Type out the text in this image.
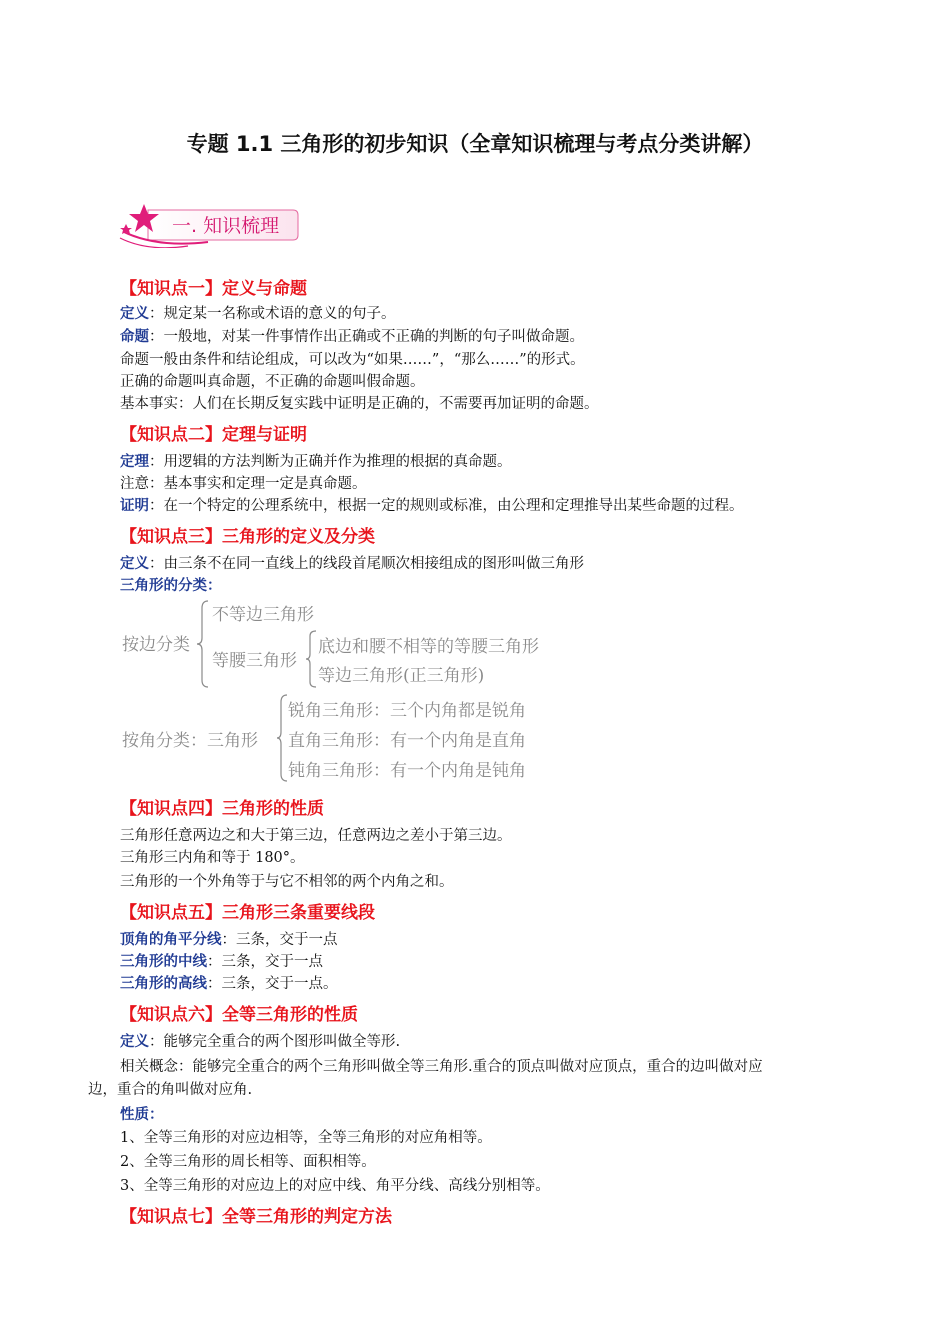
专题 1.1 三角形的初步知识（全章知识梳理与考点分类讲解）
一. 知识梳理
【知识点一】定义与命题
定义：规定某一名称或术语的意义的句子。
命题：一般地，对某一件事情作出正确或不正确的判断的句子叫做命题。
命题一般由条件和结论组成，可以改为“如果……”，“那么……”的形式。
正确的命题叫真命题，不正确的命题叫假命题。
基本事实：人们在长期反复实践中证明是正确的，不需要再加证明的命题。
【知识点二】定理与证明
定理：用逻辑的方法判断为正确并作为推理的根据的真命题。
注意：基本事实和定理一定是真命题。
证明：在一个特定的公理系统中，根据一定的规则或标准，由公理和定理推导出某些命题的过程。
【知识点三】三角形的定义及分类
定义：由三条不在同一直线上的线段首尾顺次相接组成的图形叫做三角形
三角形的分类：
按边分类
不等边三角形
等腰三角形
底边和腰不相等的等腰三角形
等边三角形(正三角形)
按角分类：三角形
锐角三角形：三个内角都是锐角
直角三角形：有一个内角是直角
钝角三角形：有一个内角是钝角
【知识点四】三角形的性质
三角形任意两边之和大于第三边，任意两边之差小于第三边。
三角形三内角和等于 180°。
三角形的一个外角等于与它不相邻的两个内角之和。
【知识点五】三角形三条重要线段
顶角的角平分线：三条，交于一点
三角形的中线：三条，交于一点
三角形的高线：三条，交于一点。
【知识点六】全等三角形的性质
定义：能够完全重合的两个图形叫做全等形.
相关概念：能够完全重合的两个三角形叫做全等三角形.重合的顶点叫做对应顶点，重合的边叫做对应
边，重合的角叫做对应角.
性质：
1、全等三角形的对应边相等，全等三角形的对应角相等。
2、全等三角形的周长相等、面积相等。
3、全等三角形的对应边上的对应中线、角平分线、高线分别相等。
【知识点七】全等三角形的判定方法
